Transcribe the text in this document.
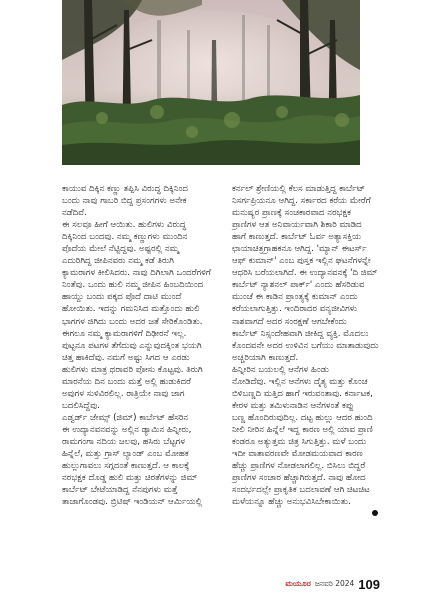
ಕಾಯುವ ದಿಕ್ಕಿನ ಕಣ್ಣು ತಪ್ಪಿಸಿ ವಿರುದ್ಧ ದಿಕ್ಕಿನಿಂದ
ಬಂದು ನಾವು ಗಾಬರಿ ಬಿದ್ದ ಪ್ರಸಂಗಗಳು ಅನೇಕ
ನಡೆದಿವೆ.
ಈ ಸಲವೂ ಹೀಗೆ ಆಯಿತು. ಹುಲಿಗಳು ವಿರುದ್ಧ
ದಿಕ್ಕಿನಿಂದ ಬಂದವು. ನಮ್ಮ ಕಣ್ಣುಗಳು ಮುಂದಿನ
ಪೊದೆಯ ಮೇಲೆ ನೆಟ್ಟಿದ್ದವು. ಅಷ್ಟರಲ್ಲಿ ನಮ್ಮ
ಎದುರಿಗಿದ್ದ ಜೀಪಿನವರು ನಮ್ಮ ಕಡೆ ತಿರುಗಿ
ಕ್ಯಾಮರಾಗಳ ಕೀಲಿಸಿದರು. ನಾವು ದಿಗಿಲಾಗಿ ಒಂದರೆಗಳಿಗೆ
ನಿಂತೆವು. ಒಂದು ಹುಲಿ ನಮ್ಮ ಜೀಪಿನ ಹಿಂಬದಿಯಿಂದ
ಹಾಯ್ದು ಬಂದು ಪಕ್ಕದ ಪೊದೆ ದಾಟಿ ಮುಂದೆ
ಹೋಯಿತು. ಇದನ್ನು ಗಮನಿಸಿದ ಮತ್ತೊಂದು ಹುಲಿ
ಭಾಗಗಳ ಜಿಗಿದು ಬಂದು ಅದರ ಜತೆ ಸೇರಿಕೊಂಡಿತು.
ಈಗಲೂ ನಮ್ಮ ಕ್ಯಾಮರಾಗಳಿಗೆ ದಿಢೀರನೆ ಇಲ್ಲ.
ಪುಟ್ಟನೂ ಪಟಗಳ ತೆಗೆದುವು ಎನ್ನುವುದಕ್ಕಿಂತ ಭಯಗಿ
ಚಿತ್ತ ಹಾಕಿದೆವು. ನಮಗೆ ಅಷ್ಟು ಸಿಗದ ಆ ಎರಡು
ಹುಲಿಗಳು ಮಾತ್ರ ಥರಾವರಿ ಪೋಸು ಕೊಟ್ಟವು. ತಿರುಗಿ
ಮಾರನೆಯ ದಿನ ಬಂದು ಮತ್ತೆ ಅಲ್ಲಿ ಹುಡುಕಿದರೆ
ಅವುಗಳ ಸುಳಿವಿರಲಿಲ್ಲ. ರಾತ್ರಿಯೇ ನಾವು ಜಾಗ
ಬದಲಿಸಿದ್ದೆವು.
ಎಡ್ವರ್ಡ್ ಜೇಮ್ಸ್ (ಜಿಮ್) ಕಾರ್ಬೆಟ್ ಹೆಸರಿನ
ಈ ಉದ್ಯಾನವನವನ್ನು ಅಲ್ಲಿನ ಡ್ಯಾಮಿನ ಹಿನ್ನೀರು,
ರಾಮಗಂಗಾ ನದಿಯ ಜಲವು, ಹಸಿರು ಬೆಟ್ಟಗಳ
ಹಿನ್ನೆಲೆ, ಮತ್ತು ಗ್ರಾಸ್ ಲ್ಯಾಂಡ್ ಎಂಬ ಮೋಹಕ
ಹುಲ್ಲುಗಾವಲು ಸಗ್ಗದಂತೆ ಕಾಣುತ್ತದೆ. ಆ ಕಾಲಕ್ಕೆ
ನರಭಕ್ಷಕ ದೊಡ್ಡ ಹುಲಿ ಮತ್ತು ಚಿರತೆಗಳನ್ನು ಜಿಮ್
ಕಾರ್ಬೆಟ್ ಬೇಟೆಯಾಡಿದ್ದ ನೆನಪುಗಳು ಮತ್ತೆ
ತಾಜಾಗೊಂಡವು. ಬ್ರಿಟಿಷ್ ಇಂಡಿಯನ್ ಆರ್ಮಿಯಲ್ಲಿ

ಕರ್ನಲ್ ಶ್ರೇಣಿಯಲ್ಲಿ ಕೆಲಸ ಮಾಡುತ್ತಿದ್ದ ಕಾರ್ಬೆಟ್
ನಿಸರ್ಗಪ್ರಿಯನೂ ಆಗಿದ್ದ. ಸರ್ಕಾರದ ಕರೆಯ ಮೇರೆಗೆ
ಮನುಷ್ಯರ ಪ್ರಾಣಕ್ಕೆ ಸಂಚಕಾರವಾದ ನರಭಕ್ಷಕ
ಪ್ರಾಣಿಗಳ ಆತ ಅನಿವಾರ್ಯವಾಗಿ ಶಿಕಾರಿ ಮಾಡಿದ
ಹಾಗೆ ಕಾಣುತ್ತದೆ. ಕಾರ್ಬೆಟ್ ಓರ್ವ ಅತ್ಯಾಸಕ್ತಿಯ
ಛಾಯಾಚಿತ್ರಗ್ರಾಹಕನೂ ಆಗಿದ್ದ. 'ಮ್ಯಾನ್ ಈಟರ್ಸ್
ಆಫ್ ಕುಮಾನ್' ಎಂಬ ಪುಸ್ತಕ ಇಲ್ಲಿನ ಘಟನೆಗಳನ್ನೇ
ಆಧರಿಸಿ ಬರೆಯಲಾಗಿದೆ. ಈ ಉದ್ಯಾನವನಕ್ಕೆ 'ದಿ ಜಿಮ್
ಕಾರ್ಬೆಟ್ ನ್ಯಾಶನಲ್ ಪಾರ್ಕ್' ಎಂದು ಹೆಸರಿಡುವ
ಮುಂಚೆ ಈ ಕಾಡಿನ ಪ್ರಾಂತ್ಯಕ್ಕೆ ಕುಮಾನ್ ಎಂದು
ಕರೆಯಲಾಗುತ್ತಿತ್ತು. ಇಂದಿರಾದರ ವನ್ಯಜೀವಿಗಳು
ನಾಶವಾಗದೆ ಅದರ ಸಂರಕ್ಷಣೆ ಆಗಬೇಕೆಂದು
ಕಾರ್ಬೆಟ್ ನಿಸ್ಸಂದೇಹವಾಗಿ ಜೀಕಿದ್ದ ವ್ಯಕ್ತಿ. ಮೊದಲು
ಕೊಂದವನೇ ಅದರ ಉಳಿವಿನ ಬಗೆಯು ಮಾತಾಡುವುದು
ಅಚ್ಚರಿಯಾಗಿ ಕಾಣುತ್ತದೆ.
ಹಿನ್ನೀರಿನ ಬಯಲಲ್ಲಿ ಆನೆಗಳ ಹಿಂಡು
ನೋಡಿದೆವು. ಇಲ್ಲಿನ ಆನೆಗಳು ದೈತ್ಯ ಮತ್ತು ಕೊಂಚ
ಬಿಳಿಬಣ್ಣದಿ ಮತ್ತಿದ ಹಾಗೆ ಇರುವಂತಾವು. ಕರ್ನಾಟಕ,
ಕೇರಳ ಮತ್ತು ತಮಿಳುನಾಡಿನ ಆನೆಗಳಂತೆ ಕಪ್ಪು
ಬಣ್ಣ ಹೊಂದಿರುವುದಿಲ್ಲ. ದಟ್ಟ ಹುಲ್ಲು ಆದರ ಹುಂದಿ
ನೀಲಿ ನೀರಿನ ಹಿನ್ನೆಲೆ ಇದ್ದ ಕಾರಣ ಅಲ್ಲಿ ಯಾವ ಪ್ರಾಣಿ
ಕಂಡರೂ ಅತ್ಯುತ್ತಮ ಚಿತ್ರ ಸಿಗುತ್ತಿತ್ತು. ಮಳೆ ಬಂದು
ಇದೀ ವಾತಾವರಣವೇ ಮೋಡಮಯವಾದ ಕಾರಣ
ಹೆಚ್ಚು ಪ್ರಾಣಿಗಳ ನೋಡಲಾಗಲಿಲ್ಲ. ಬಿಸಿಲು ಬಿದ್ದರೆ
ಪ್ರಾಣಿಗಳ ಸಂಚಾರ ಹೆಚ್ಚಾಗಿರುತ್ತದೆ. ನಾವು ಹೋದ
ಸಂದರ್ಭದಲ್ಲೇ ಪ್ರಾಕೃತಿಕ ಬದಲಾವಣೆ ಆಗಿ ಚಿಟಚಿಟ
ಮಳೆಯನ್ನೂ ಹೆಚ್ಚು ಅನುಭವಿಸಿಬೇಕಾಯಿತು.

ಮಯೂರ ಜನವರಿ 2024 109
